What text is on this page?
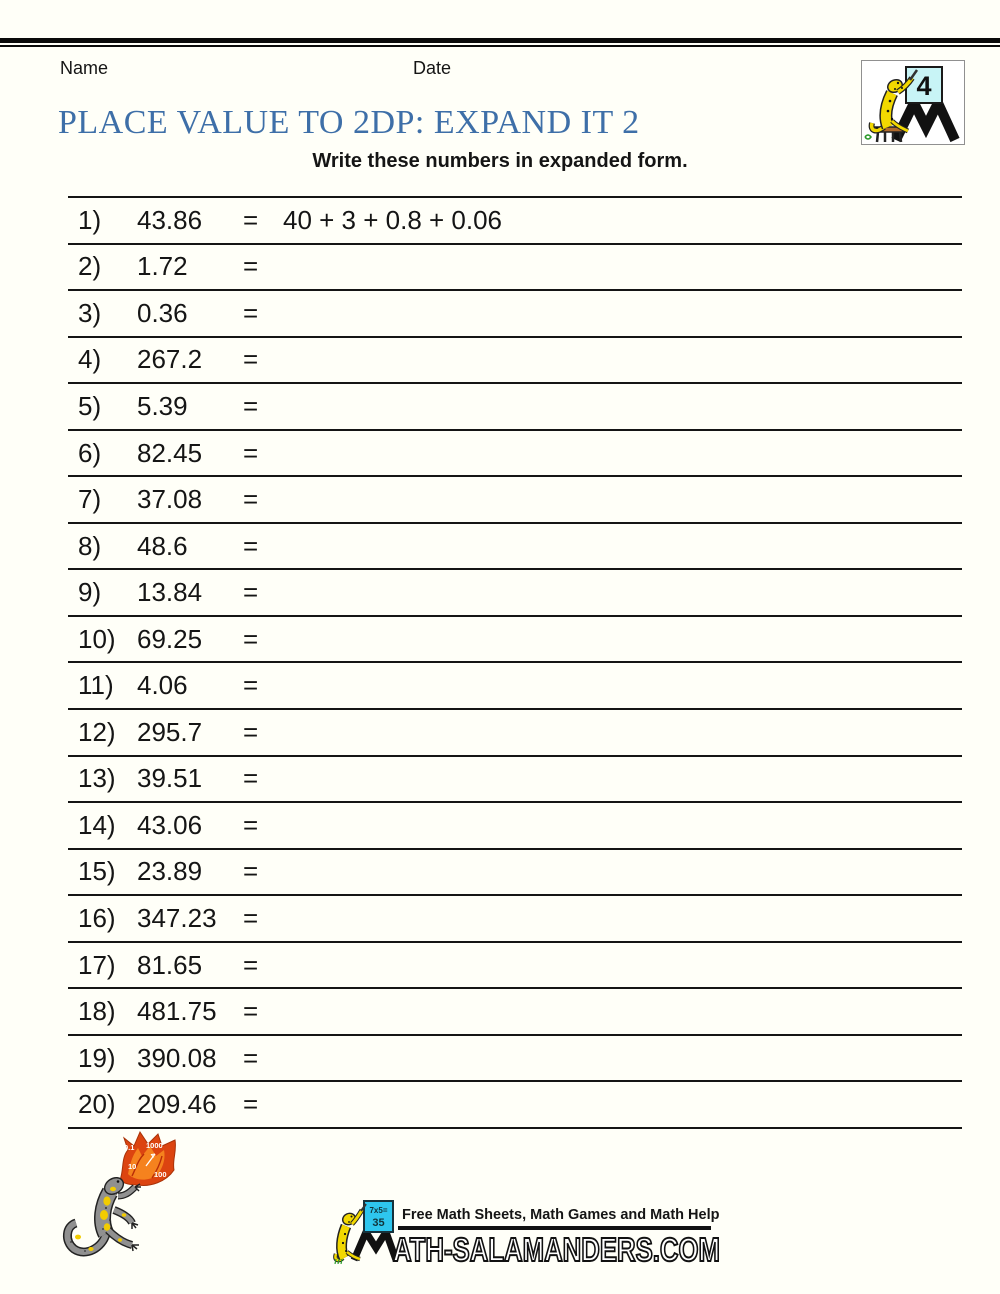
Name	Date
4
PLACE VALUE TO 2DP: EXPAND IT 2
Write these numbers in expanded form.
1)	43.86	= 40 + 3 + 0.8 + 0.06
2)	1.72	=
3)	0.36	=
4)	267.2	=
5)	5.39	=
6)	82.45	=
7)	37.08	=
8)	48.6	=
9)	13.84	=
10) 69.25	=
11) 4.06	=
12) 295.7	=
13) 39.51	=
14) 43.06	=
15) 23.89	=
16) 347.23	=
17) 81.65	=
18) 481.75	=
19) 390.08	=
20) 209.46	=
0.1 1000
10
100
7x5=
35 Free Math Sheets, Math Games and Math Help
ATH-SALAMANDERS.COM
